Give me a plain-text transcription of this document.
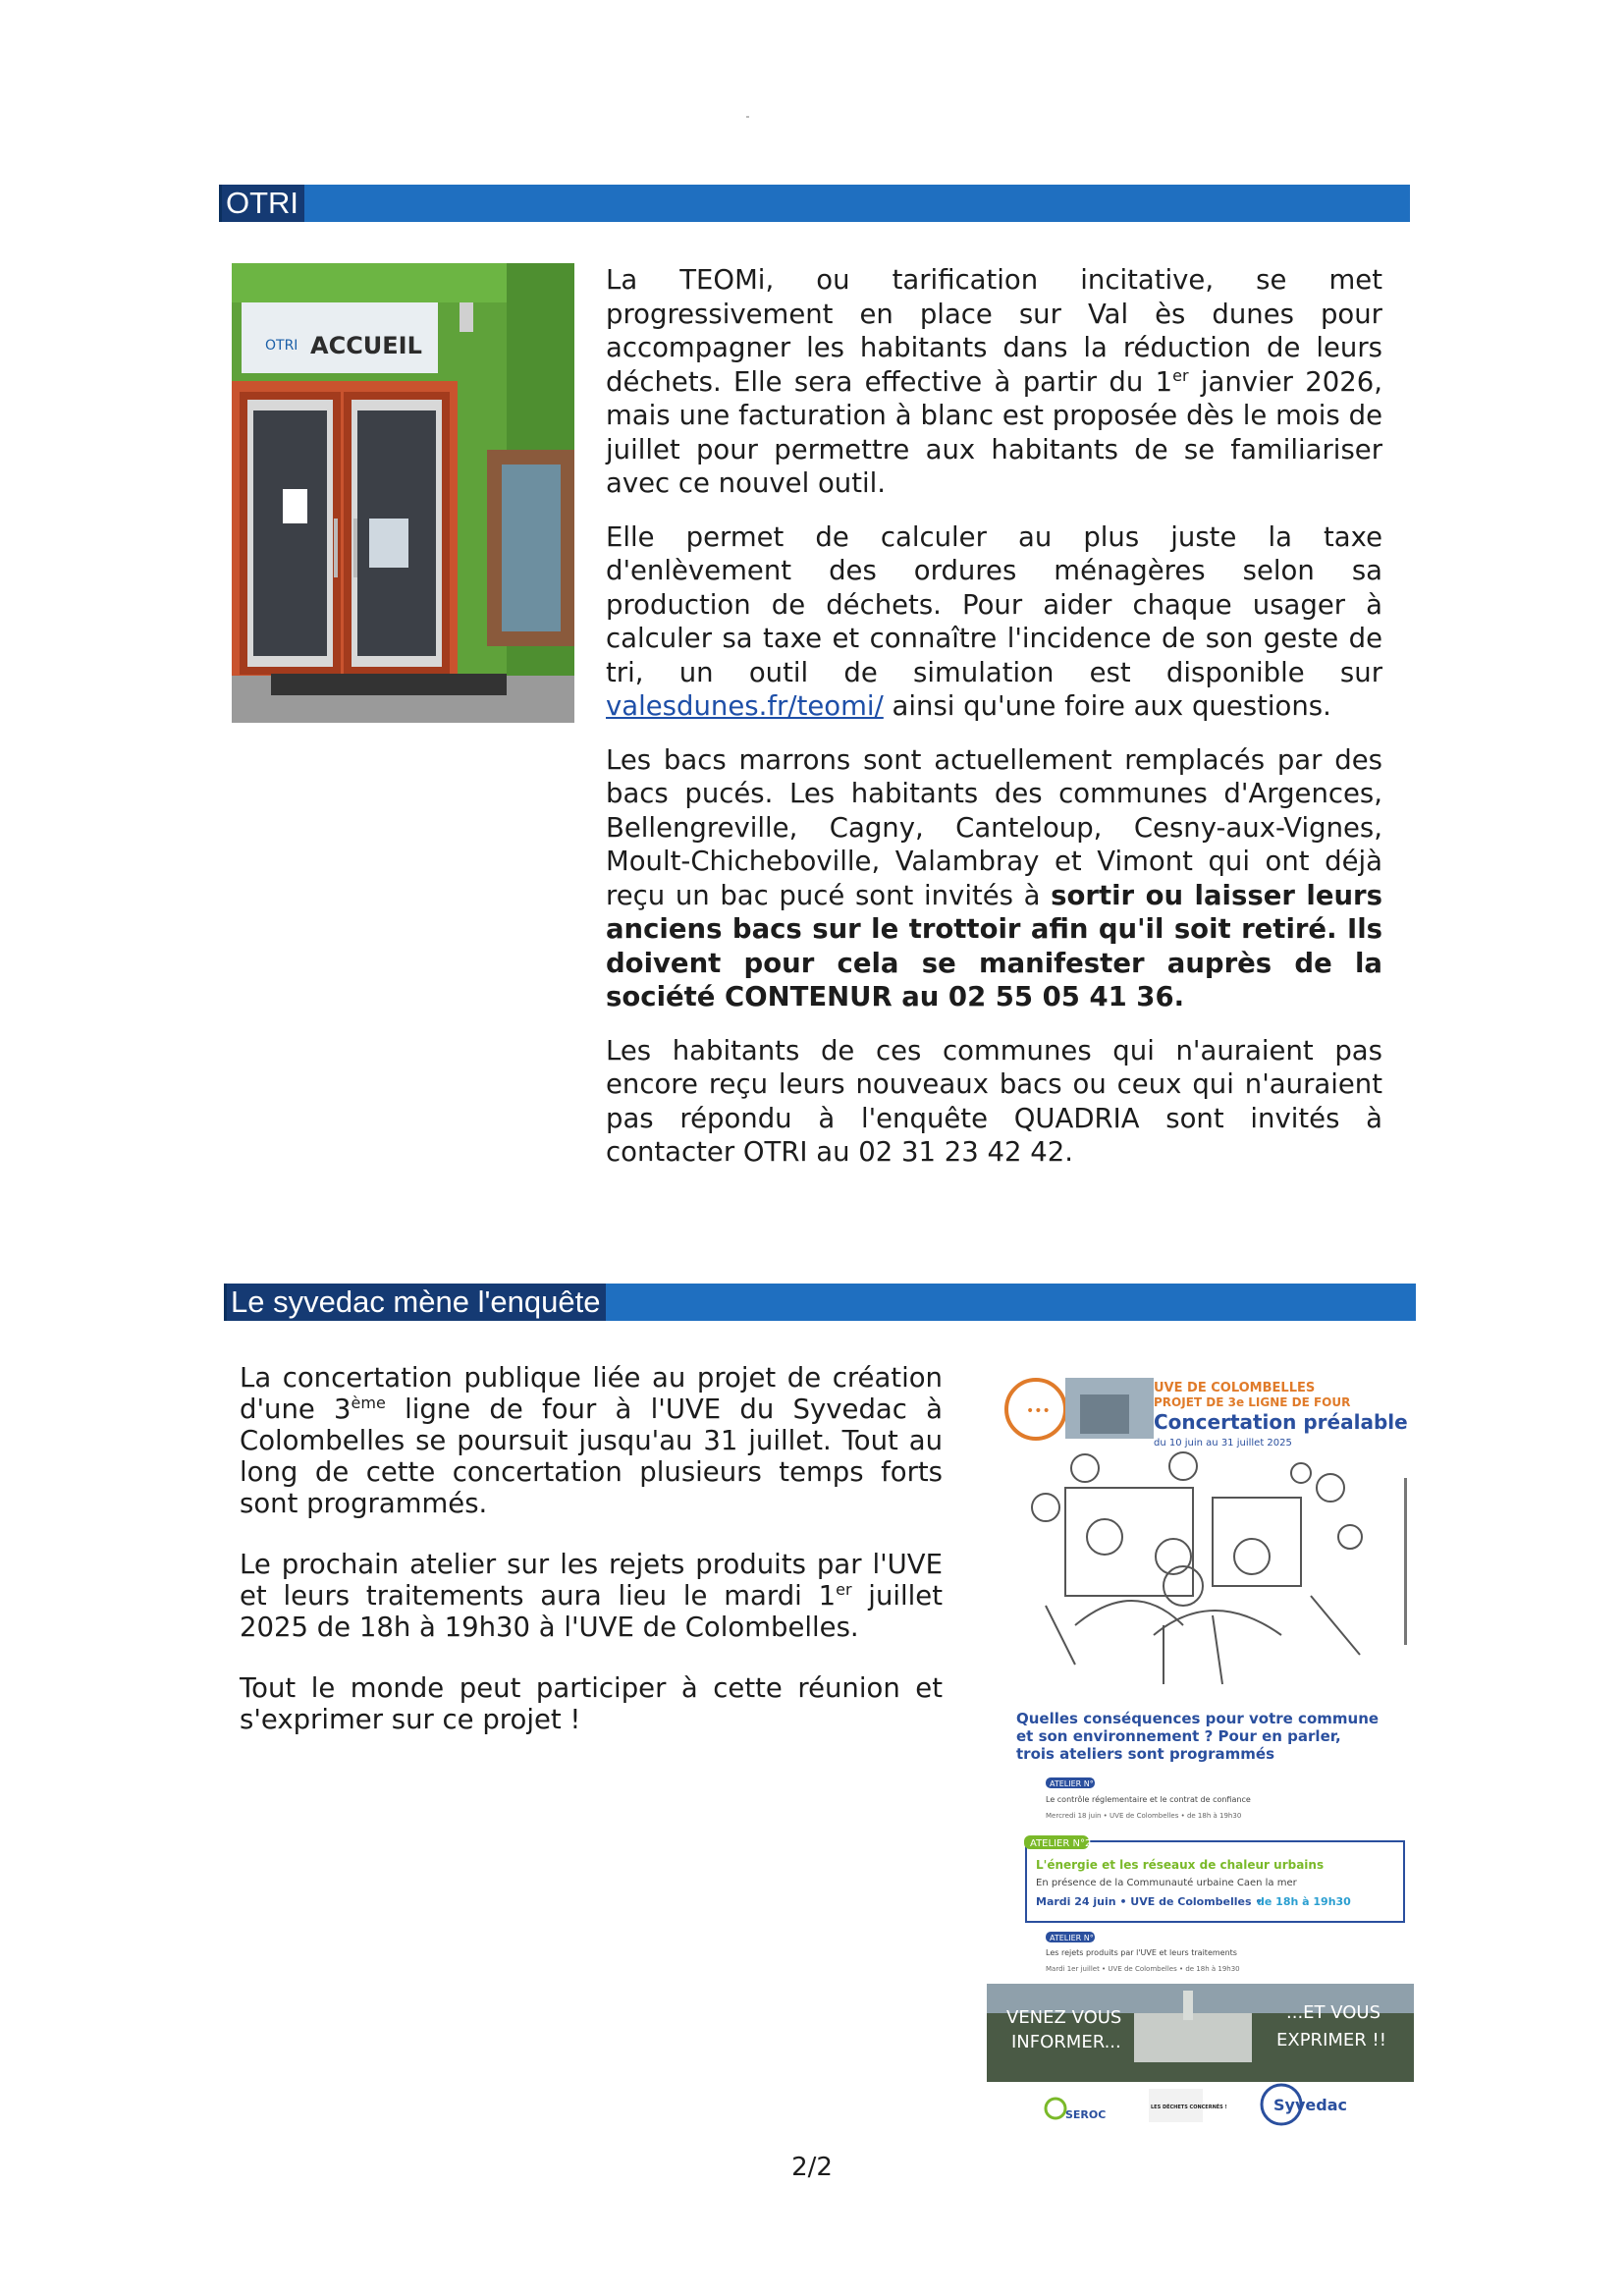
OTRI
OTRI ACCUEIL

La TEOMi, ou tarification incitative, se met progressivement en place sur Val ès dunes pour accompagner les habitants dans la réduction de leurs déchets. Elle sera effective à partir du 1er janvier 2026, mais une facturation à blanc est proposée dès le mois de juillet pour permettre aux habitants de se familiariser avec ce nouvel outil.

Elle permet de calculer au plus juste la taxe d'enlèvement des ordures ménagères selon sa production de déchets. Pour aider chaque usager à calculer sa taxe et connaître l'incidence de son geste de tri, un outil de simulation est disponible sur valesdunes.fr/teomi/ ainsi qu'une foire aux questions.

Les bacs marrons sont actuellement remplacés par des bacs pucés. Les habitants des communes d'Argences, Bellengreville, Cagny, Canteloup, Cesny-aux-Vignes, Moult-Chicheboville, Valambray et Vimont qui ont déjà reçu un bac pucé sont invités à sortir ou laisser leurs anciens bacs sur le trottoir afin qu'il soit retiré. Ils doivent pour cela se manifester auprès de la société CONTENUR au 02 55 05 41 36.

Les habitants de ces communes qui n'auraient pas encore reçu leurs nouveaux bacs ou ceux qui n'auraient pas répondu à l'enquête QUADRIA sont invités à contacter OTRI au 02 31 23 42 42.

Le syvedac mène l'enquête

La concertation publique liée au projet de création d'une 3ème ligne de four à l'UVE du Syvedac à Colombelles se poursuit jusqu'au 31 juillet. Tout au long de cette concertation plusieurs temps forts sont programmés.

Le prochain atelier sur les rejets produits par l'UVE et leurs traitements aura lieu le mardi 1er juillet 2025 de 18h à 19h30 à l'UVE de Colombelles.

Tout le monde peut participer à cette réunion et s'exprimer sur ce projet !

•••
UVE DE COLOMBELLES
PROJET DE 3e LIGNE DE FOUR
Concertation préalable
du 10 juin au 31 juillet 2025
Quelles conséquences pour votre commune
et son environnement ? Pour en parler,
trois ateliers sont programmés
ATELIER N°1
Le contrôle réglementaire et le contrat de confiance
Mercredi 18 juin • UVE de Colombelles • de 18h à 19h30
ATELIER N°2
L'énergie et les réseaux de chaleur urbains
En présence de la Communauté urbaine Caen la mer
Mardi 24 juin • UVE de Colombelles •
de 18h à 19h30
ATELIER N°3
Les rejets produits par l'UVE et leurs traitements
Mardi 1er juillet • UVE de Colombelles • de 18h à 19h30
VENEZ VOUS
INFORMER...
...ET VOUS
EXPRIMER !!
SEROC
LES DÉCHETS CONCERNÉS !	Syvedac
2/2
